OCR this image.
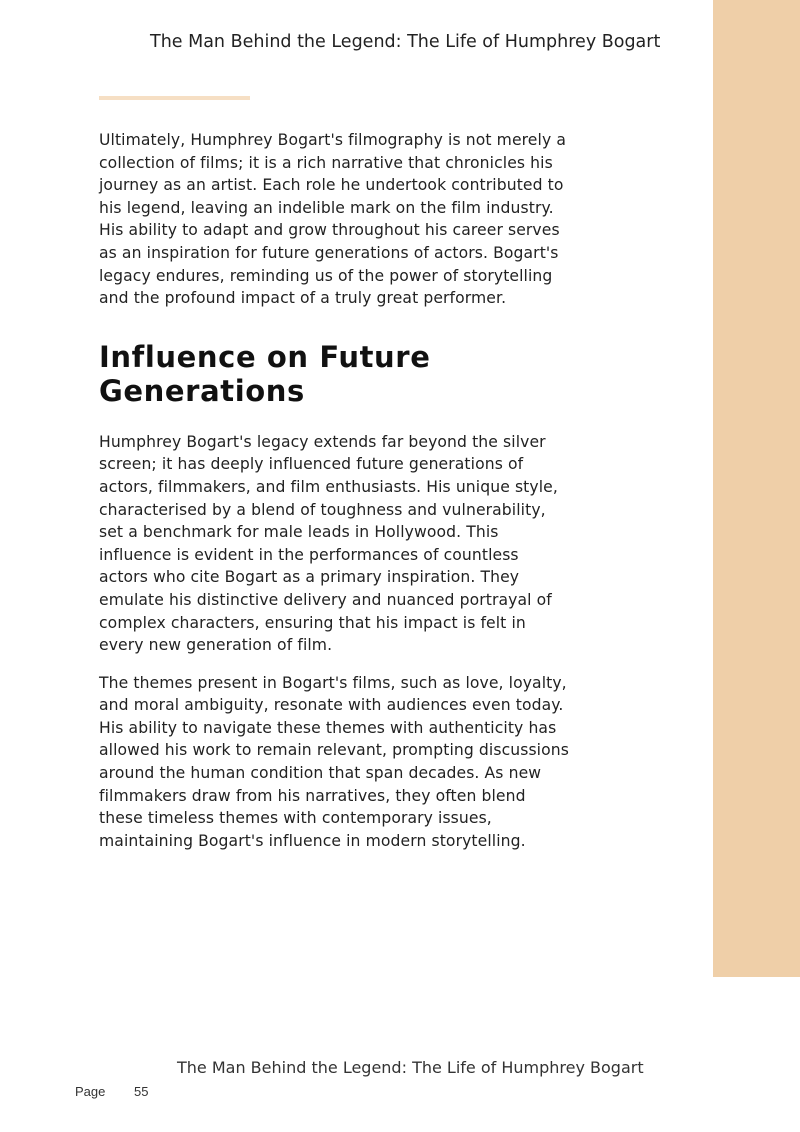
The Man Behind the Legend: The Life of Humphrey Bogart

Ultimately, Humphrey Bogart's filmography is not merely a collection of films; it is a rich narrative that chronicles his journey as an artist. Each role he undertook contributed to his legend, leaving an indelible mark on the film industry. His ability to adapt and grow throughout his career serves as an inspiration for future generations of actors. Bogart's legacy endures, reminding us of the power of storytelling and the profound impact of a truly great performer.

Influence on Future Generations

Humphrey Bogart's legacy extends far beyond the silver screen; it has deeply influenced future generations of actors, filmmakers, and film enthusiasts. His unique style, characterised by a blend of toughness and vulnerability, set a benchmark for male leads in Hollywood. This influence is evident in the performances of countless actors who cite Bogart as a primary inspiration. They emulate his distinctive delivery and nuanced portrayal of complex characters, ensuring that his impact is felt in every new generation of film.

The themes present in Bogart's films, such as love, loyalty, and moral ambiguity, resonate with audiences even today. His ability to navigate these themes with authenticity has allowed his work to remain relevant, prompting discussions around the human condition that span decades. As new filmmakers draw from his narratives, they often blend these timeless themes with contemporary issues, maintaining Bogart's influence in modern storytelling.

The Man Behind the Legend: The Life of Humphrey Bogart
Page 55
